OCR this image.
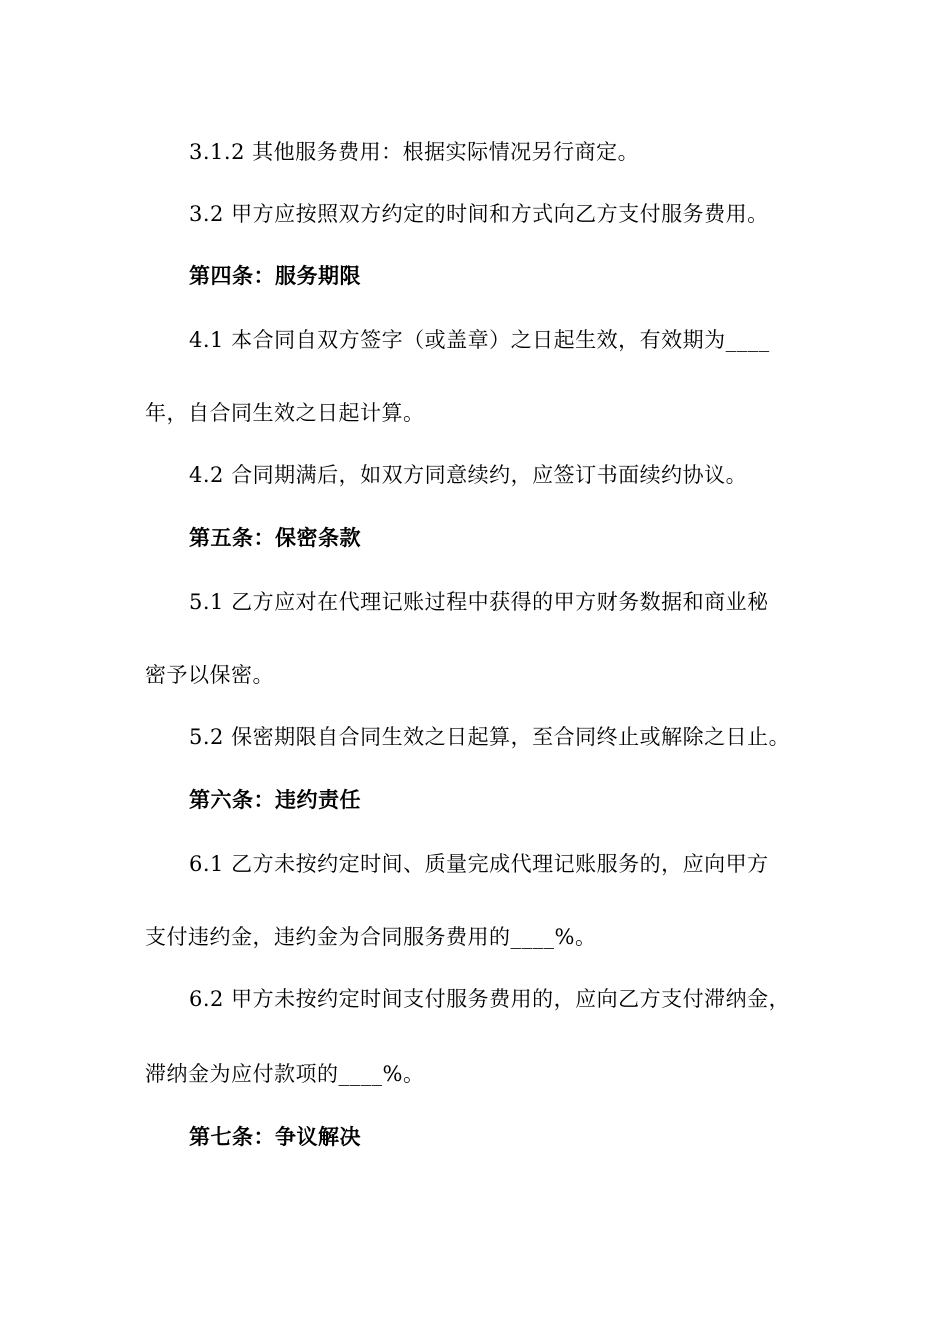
3.1.2 其他服务费用：根据实际情况另行商定。
3.2 甲方应按照双方约定的时间和方式向乙方支付服务费用。
第四条：服务期限
4.1 本合同自双方签字（或盖章）之日起生效，有效期为____
年，自合同生效之日起计算。
4.2 合同期满后，如双方同意续约，应签订书面续约协议。
第五条：保密条款
5.1 乙方应对在代理记账过程中获得的甲方财务数据和商业秘
密予以保密。
5.2 保密期限自合同生效之日起算，至合同终止或解除之日止。
第六条：违约责任
6.1 乙方未按约定时间、质量完成代理记账服务的，应向甲方
支付违约金，违约金为合同服务费用的____%。
6.2 甲方未按约定时间支付服务费用的，应向乙方支付滞纳金，
滞纳金为应付款项的____%。
第七条：争议解决
